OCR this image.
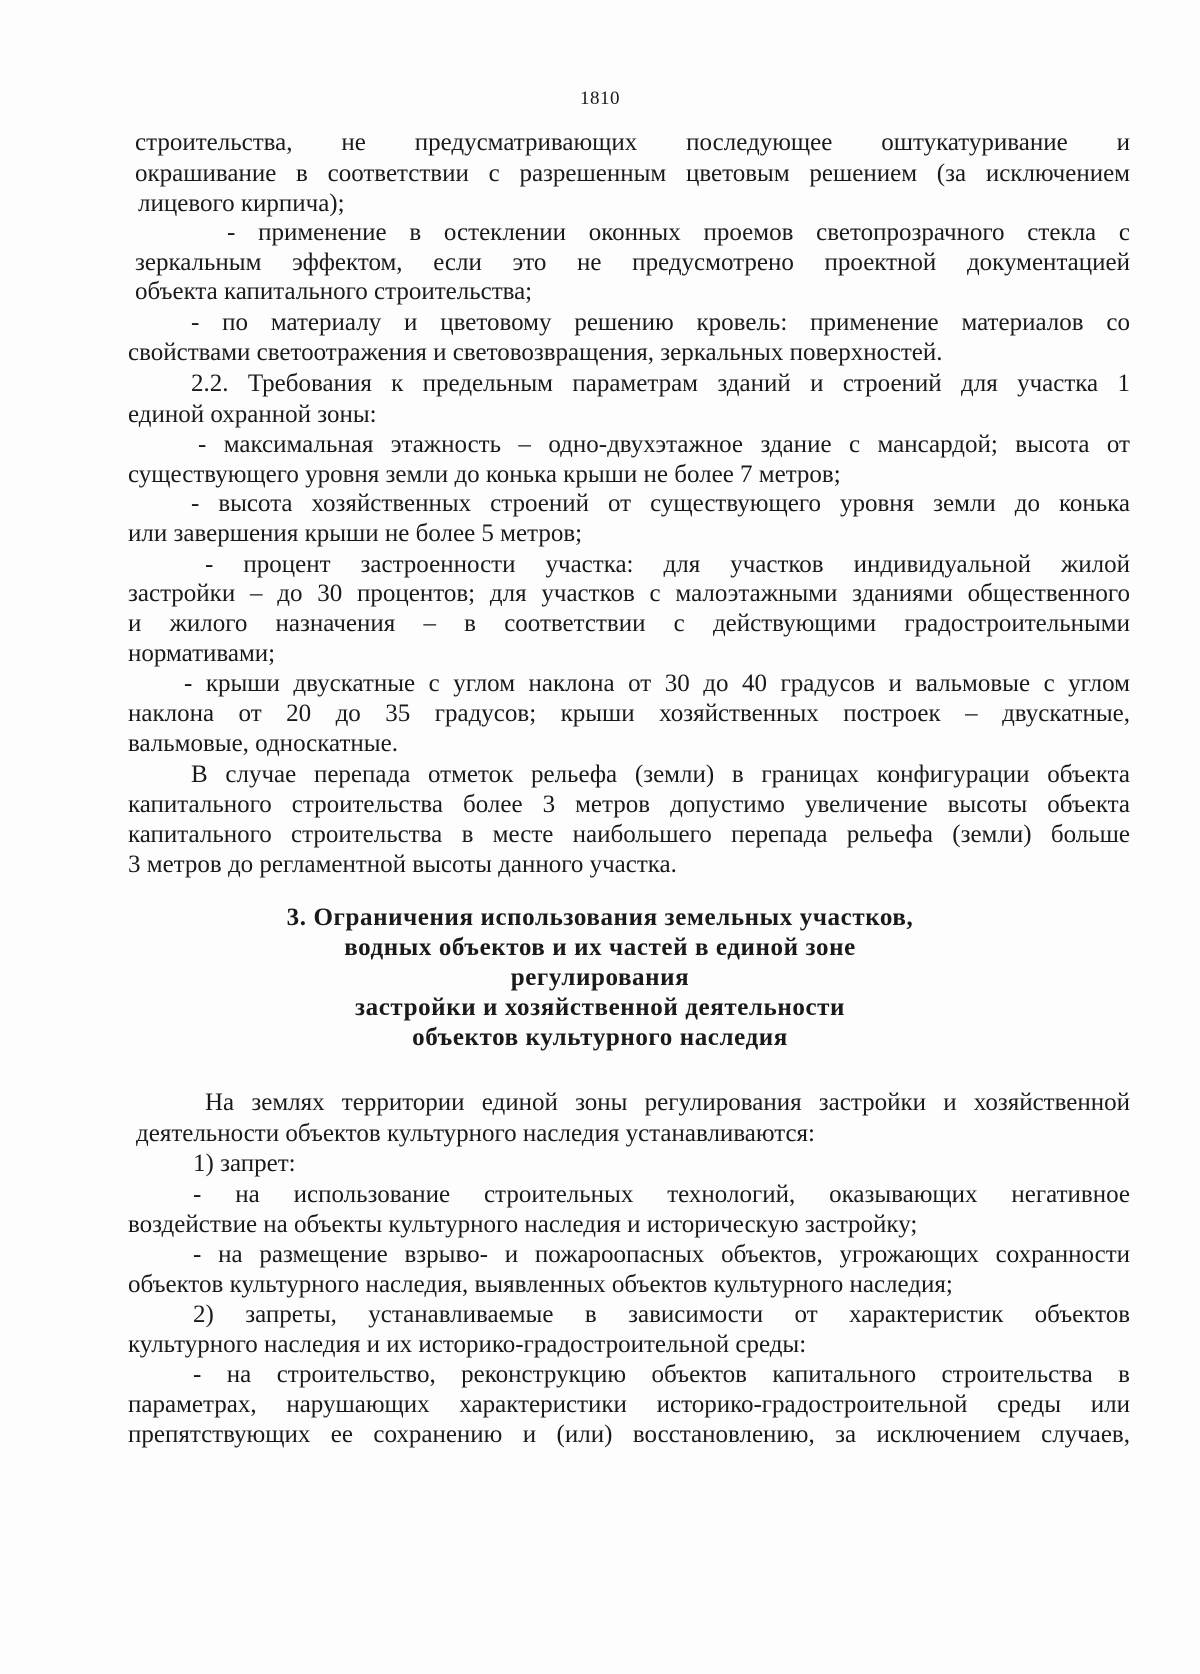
1810
строительства, не предусматривающих последующее оштукатуривание и
окрашивание в соответствии с разрешенным цветовым решением (за исключением
лицевого кирпича);
- применение в остеклении оконных проемов светопрозрачного стекла с
зеркальным эффектом, если это не предусмотрено проектной документацией
объекта капитального строительства;
- по материалу и цветовому решению кровель: применение материалов со
свойствами светоотражения и световозвращения, зеркальных поверхностей.
2.2. Требования к предельным параметрам зданий и строений для участка 1
единой охранной зоны:
- максимальная этажность – одно-двухэтажное здание с мансардой; высота от
существующего уровня земли до конька крыши не более 7 метров;
- высота хозяйственных строений от существующего уровня земли до конька
или завершения крыши не более 5 метров;
- процент застроенности участка: для участков индивидуальной жилой
застройки – до 30 процентов; для участков с малоэтажными зданиями общественного
и жилого назначения – в соответствии с действующими градостроительными
нормативами;
- крыши двускатные с углом наклона от 30 до 40 градусов и вальмовые с углом
наклона от 20 до 35 градусов; крыши хозяйственных построек – двускатные,
вальмовые, односкатные.
В случае перепада отметок рельефа (земли) в границах конфигурации объекта
капитального строительства более 3 метров допустимо увеличение высоты объекта
капитального строительства в месте наибольшего перепада рельефа (земли) больше
3 метров до регламентной высоты данного участка.
3. Ограничения использования земельных участков,
водных объектов и их частей в единой зоне
регулирования
застройки и хозяйственной деятельности
объектов культурного наследия
На землях территории единой зоны регулирования застройки и хозяйственной
деятельности объектов культурного наследия устанавливаются:
1) запрет:
- на использование строительных технологий, оказывающих негативное
воздействие на объекты культурного наследия и историческую застройку;
- на размещение взрыво- и пожароопасных объектов, угрожающих сохранности
объектов культурного наследия, выявленных объектов культурного наследия;
2) запреты, устанавливаемые в зависимости от характеристик объектов
культурного наследия и их историко-градостроительной среды:
- на строительство, реконструкцию объектов капитального строительства в
параметрах, нарушающих характеристики историко-градостроительной среды или
препятствующих ее сохранению и (или) восстановлению, за исключением случаев,
